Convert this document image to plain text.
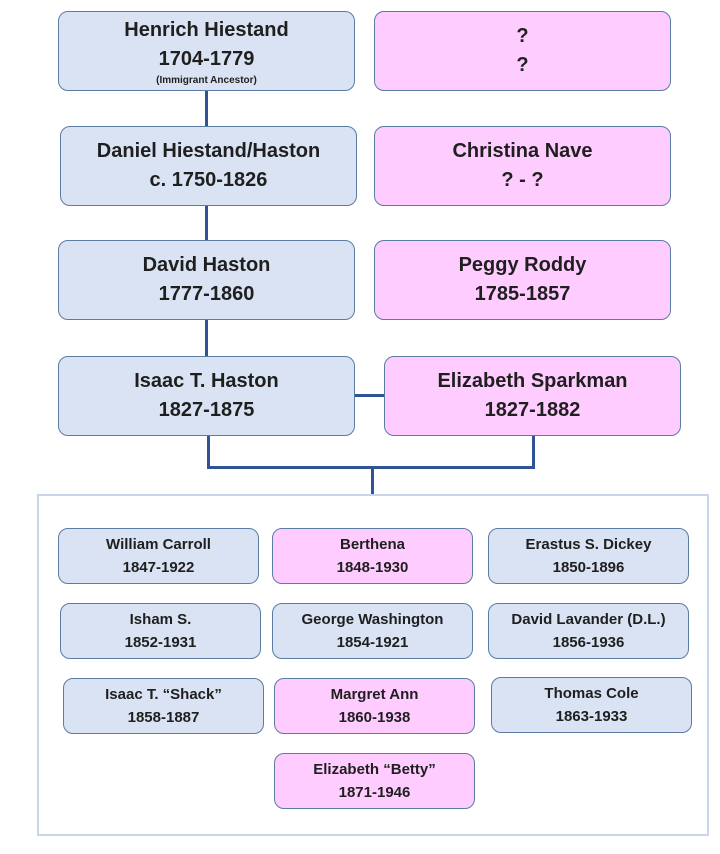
Henrich Hiestand
1704-1779
(Immigrant Ancestor)
?
?
Daniel Hiestand/Haston
c. 1750-1826
Christina Nave
? - ?
David Haston
1777-1860
Peggy Roddy
1785-1857
Isaac T. Haston
1827-1875
Elizabeth Sparkman
1827-1882
William Carroll
1847-1922
Berthena
1848-1930
Erastus S. Dickey
1850-1896
Isham S.
1852-1931
George Washington
1854-1921
David Lavander (D.L.)
1856-1936
Isaac T. “Shack”
1858-1887
Margret Ann
1860-1938
Thomas Cole
1863-1933
Elizabeth “Betty”
1871-1946
